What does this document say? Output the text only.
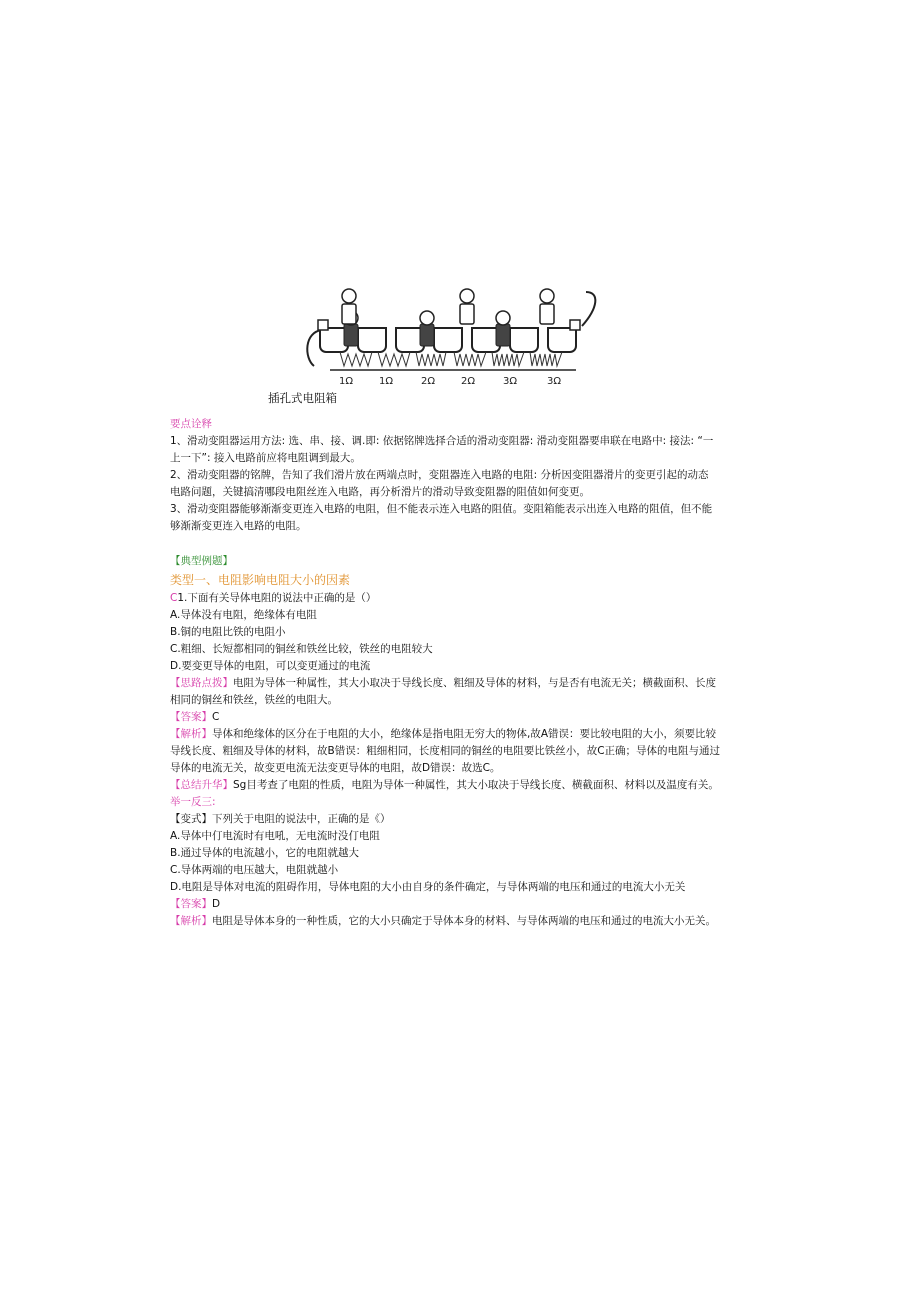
1Ω	1Ω	2Ω	2Ω	3Ω	3Ω
插孔式电阻箱
要点诠释
1、滑动变阻器运用方法: 选、串、接、调.即: 依据铭牌选择合适的滑动变阻器: 滑动变阻器要串联在电路中: 接法: “一
上一下”: 接入电路前应将电阻调到最大。
2、滑动变阻器的铭牌，告知了我们滑片放在两端点时，变阻器连入电路的电阻: 分析因变阻器滑片的变更引起的动态
电路问题，关键搞清哪段电阻丝连入电路，再分析滑片的滑动导致变阻器的阻值如何变更。
3、滑动变阻器能够渐渐变更连入电路的电阻，但不能表示连入电路的阻值。变阻箱能表示出连入电路的阻值，但不能
够渐渐变更连入电路的电阻。
【典型例题】
类型一、电阻影响电阻大小的因素
C1.下面有关导体电阻的说法中正确的是（）
A.导体没有电阻，绝缘体有电阻
B.铜的电阻比铁的电阻小
C.粗细、长短都相同的铜丝和铁丝比较，铁丝的电阻较大
D.要变更导体的电阻，可以变更通过的电流
【思路点拨】电阻为导体一种属性，其大小取决于导线长度、粗细及导体的材料，与是否有电流无关；横截面积、长度
相同的铜丝和铁丝，铁丝的电阻大。
【答案】C
【解析】导体和绝缘体的区分在于电阻的大小，绝缘体是指电阻无穷大的物体,故A错误：要比较电阻的大小，须要比较
导线长度、粗细及导体的材料，故B错误：粗细相同，长度相同的铜丝的电阻要比铁丝小，故C正确；导体的电阻与通过
导体的电流无关，故变更电流无法变更导体的电阻，故D错误：故选C。
【总结升华】Sg目考查了电阻的性质，电阻为导体一种属性，其大小取决于导线长度、横截面积、材料以及温度有关。
举一反三:
【变式】下列关于电阻的说法中，正确的是《）
A.导体中仃电流时有电吼，无电流时没仃电阻
B.通过导体的电流越小，它的电阻就越大
C.导体两端的电压越大，电阻就越小
D.电阻是导体对电流的阻碍作用，导体电阻的大小由自身的条件确定，与导体两端的电压和通过的电流大小无关
【答案】D
【解析】电阻是导体本身的一种性质，它的大小只确定于导体本身的材料、与导体两端的电压和通过的电流大小无关。
